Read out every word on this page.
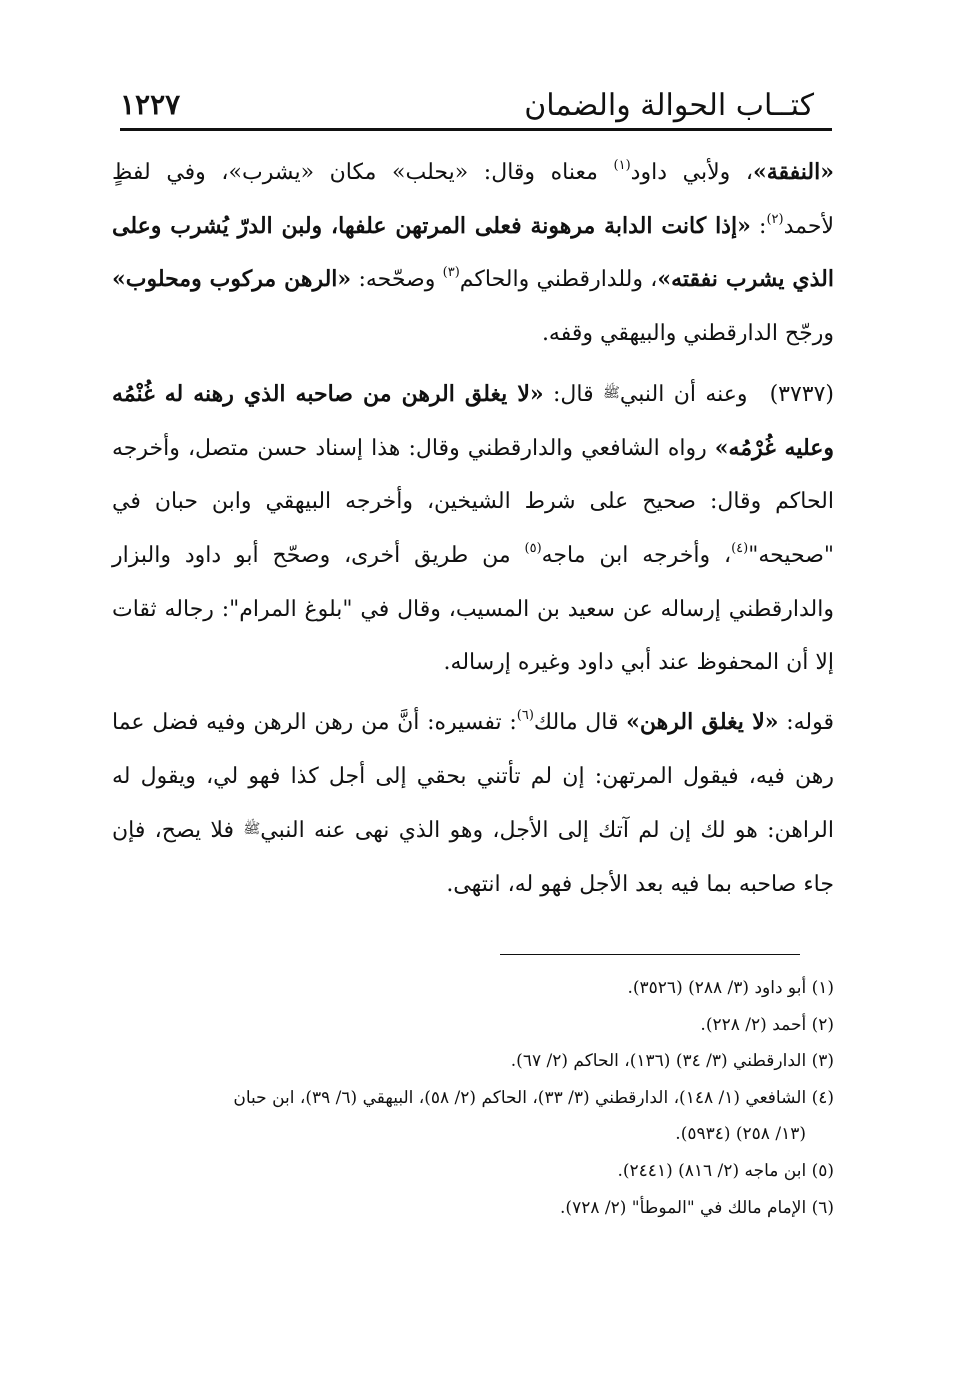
كتــاب الحوالة والضمان
١٢٢٧

«النفقة»، ولأبي داود$^{(١)}$ معناه وقال: «يحلب» مكان «يشرب»، وفي لفظٍ لأحمد$^{(٢)}$: «إذا كانت الدابة مرهونة فعلى المرتهن علفها، ولبن الدرّ يُشرب وعلى الذي يشرب نفقته»، وللدارقطني والحاكم$^{(٣)}$ وصحّحه: «الرهن مركوب ومحلوب» ورجّح الدارقطني والبيهقي وقفه.

(٣٧٣٧)وعنه أن النبيﷺ قال: «لا يغلق الرهن من صاحبه الذي رهنه له غُنْمُه وعليه غُرْمُه» رواه الشافعي والدارقطني وقال: هذا إسناد حسن متصل، وأخرجه الحاكم وقال: صحيح على شرط الشيخين، وأخرجه البيهقي وابن حبان في "صحيحه"$^{(٤)}$، وأخرجه ابن ماجه$^{(٥)}$ من طريق أخرى، وصحّح أبو داود والبزار والدارقطني إرساله عن سعيد بن المسيب، وقال في "بلوغ المرام": رجاله ثقات إلا أن المحفوظ عند أبي داود وغيره إرساله.

قوله: «لا يغلق الرهن» قال مالك$^{(٦)}$: تفسيره: أنَّ من رهن الرهن وفيه فضل عما رهن فيه، فيقول المرتهن: إن لم تأتني بحقي إلى أجل كذا فهو لي، ويقول له الراهن: هو لك إن لم آتك إلى الأجل، وهو الذي نهى عنه النبيﷺ فلا يصح، فإن جاء صاحبه بما فيه بعد الأجل فهو له، انتهى.

(١) أبو داود (٣/ ٢٨٨) (٣٥٢٦).

(٢) أحمد (٢/ ٢٢٨).

(٣) الدارقطني (٣/ ٣٤) (١٣٦)، الحاكم (٢/ ٦٧).

(٤) الشافعي (١/ ١٤٨)، الدارقطني (٣/ ٣٣)، الحاكم (٢/ ٥٨)، البيهقي (٦/ ٣٩)، ابن حبان

(١٣/ ٢٥٨) (٥٩٣٤).

(٥) ابن ماجه (٢/ ٨١٦) (٢٤٤١).

(٦) الإمام مالك في "الموطأ" (٢/ ٧٢٨).
